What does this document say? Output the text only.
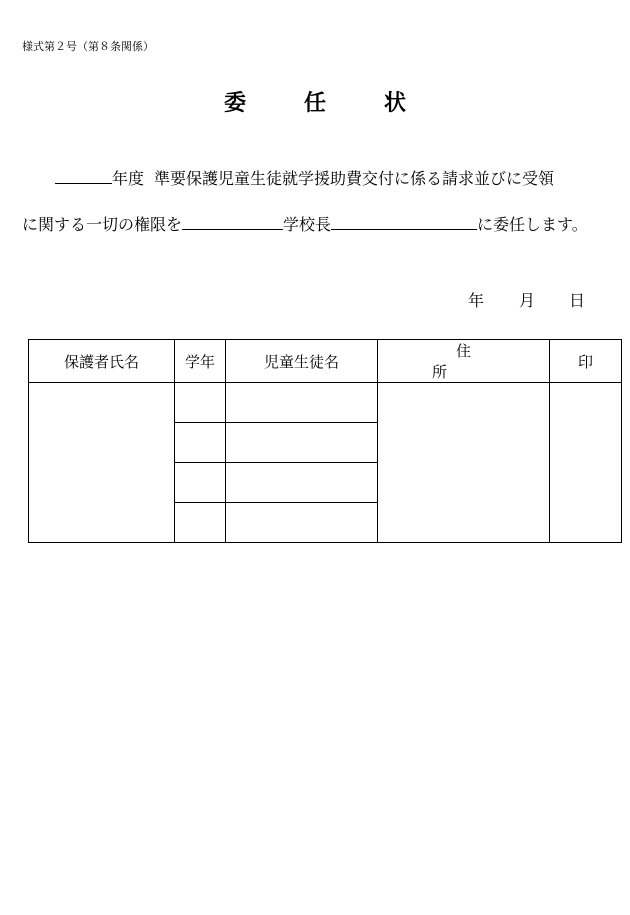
様式第２号（第８条関係）
委任状
年度 準要保護児童生徒就学援助費交付に係る請求並びに受領
に関する一切の権限を	学校長	に委任します。
年 月 日
保護者氏名	学年	児童生徒名	住所	印
